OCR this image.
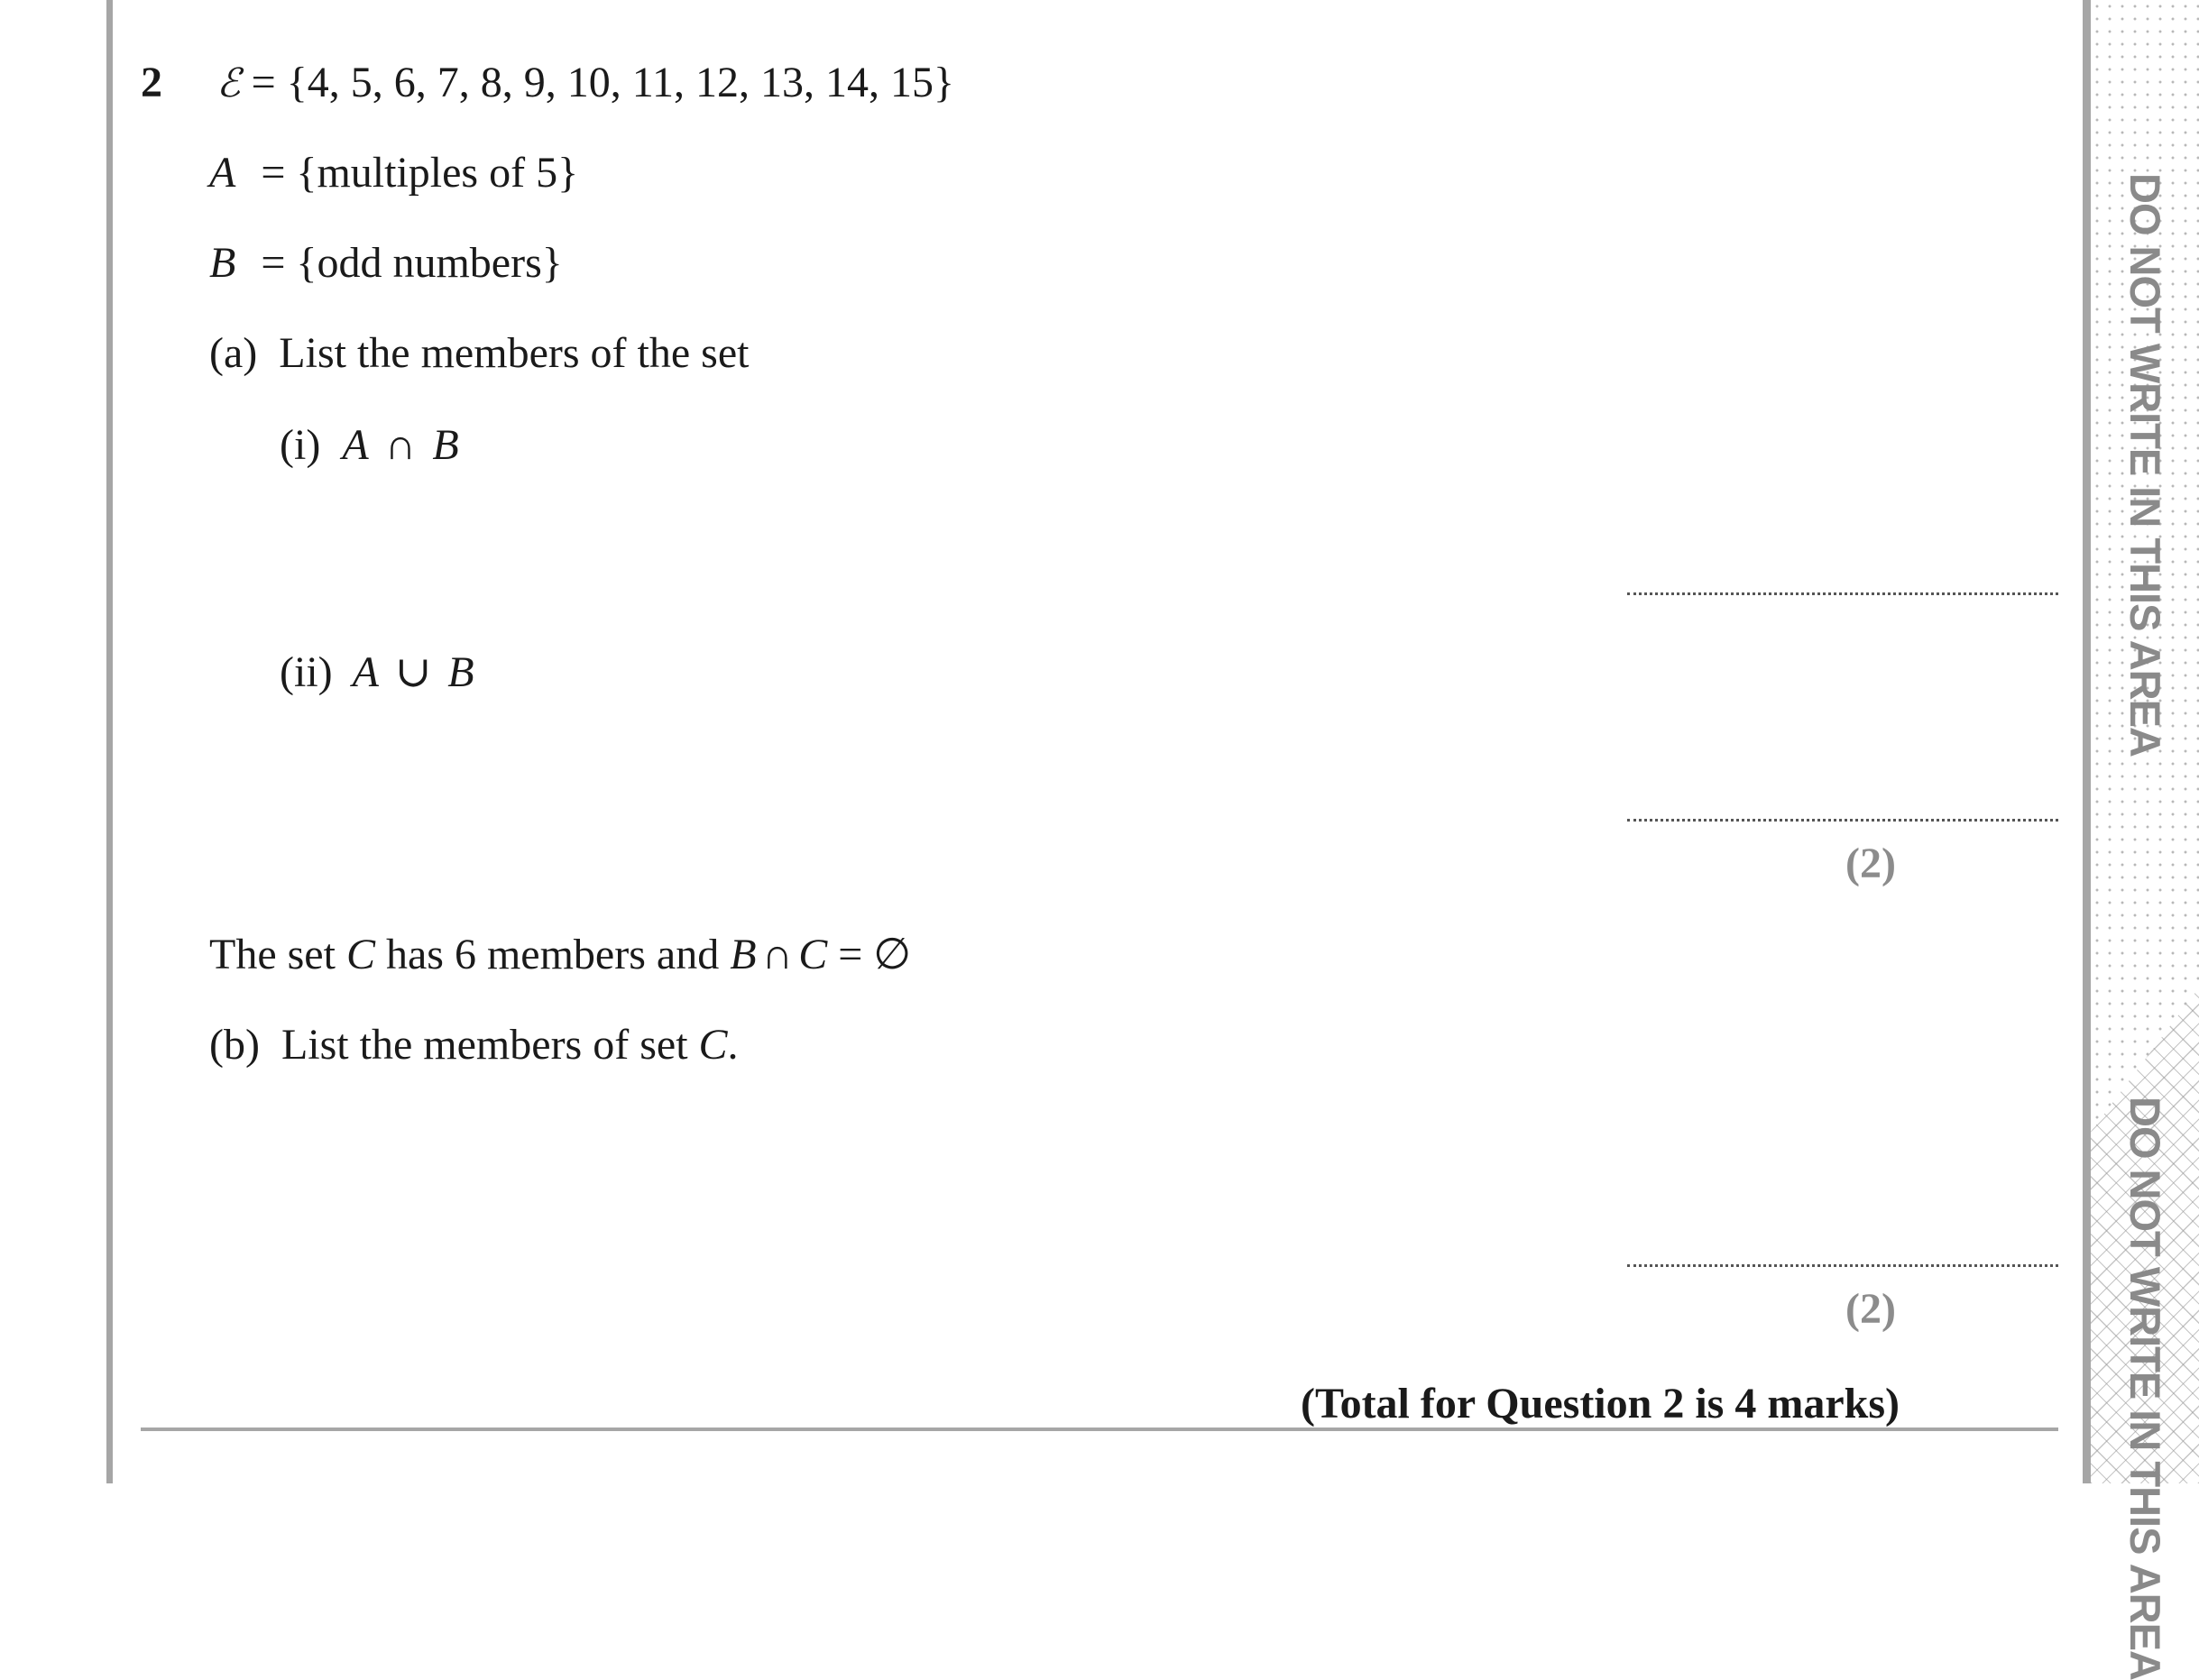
DO NOT WRITE IN THIS AREA
DO NOT WRITE IN THIS AREA
2 ℰ = {4, 5, 6, 7, 8, 9, 10, 11, 12, 13, 14, 15}
A = {multiples of 5}
B = {odd numbers}
(a) List the members of the set
(i) A ∩ B
(ii) A ∪ B
(2)
The set C has 6 members and B ∩ C = ∅
(b) List the members of set C.
(2)
(Total for Question 2 is 4 marks)
